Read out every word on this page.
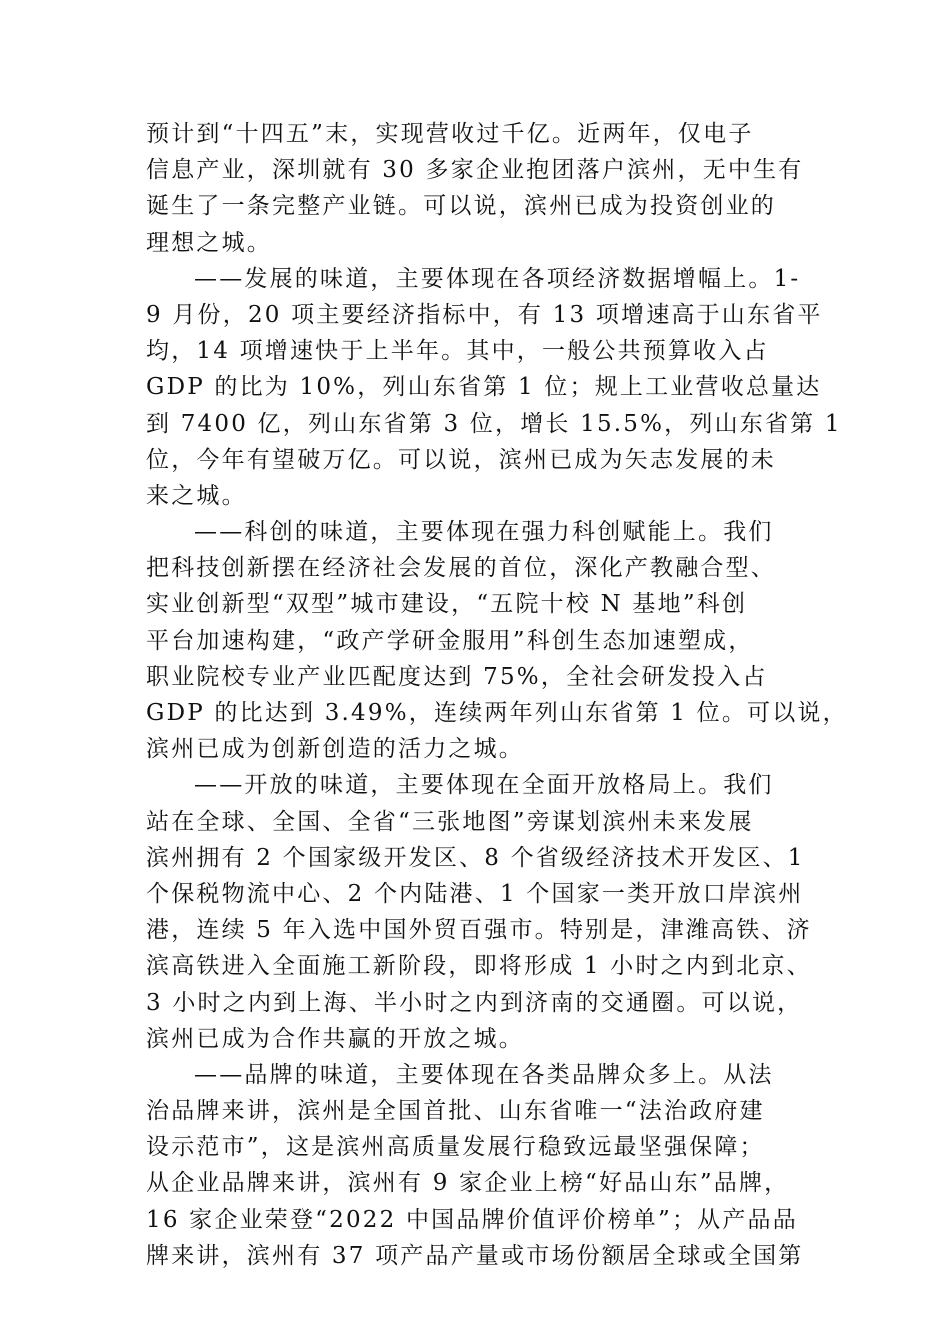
预计到“十四五”末，实现营收过千亿。近两年，仅电子
信息产业，深圳就有 30 多家企业抱团落户滨州，无中生有
诞生了一条完整产业链。可以说，滨州已成为投资创业的
理想之城。
——发展的味道，主要体现在各项经济数据增幅上。1-
9 月份，20 项主要经济指标中，有 13 项增速高于山东省平
均，14 项增速快于上半年。其中，一般公共预算收入占
GDP 的比为 10%，列山东省第 1 位；规上工业营收总量达
到 7400 亿，列山东省第 3 位，增长 15.5%，列山东省第 1
位，今年有望破万亿。可以说，滨州已成为矢志发展的未
来之城。
——科创的味道，主要体现在强力科创赋能上。我们
把科技创新摆在经济社会发展的首位，深化产教融合型、
实业创新型“双型”城市建设，“五院十校 N 基地”科创
平台加速构建，“政产学研金服用”科创生态加速塑成，
职业院校专业产业匹配度达到 75%，全社会研发投入占
GDP 的比达到 3.49%，连续两年列山东省第 1 位。可以说，
滨州已成为创新创造的活力之城。
——开放的味道，主要体现在全面开放格局上。我们
站在全球、全国、全省“三张地图”旁谋划滨州未来发展
滨州拥有 2 个国家级开发区、8 个省级经济技术开发区、1
个保税物流中心、2 个内陆港、1 个国家一类开放口岸滨州
港，连续 5 年入选中国外贸百强市。特别是，津潍高铁、济
滨高铁进入全面施工新阶段，即将形成 1 小时之内到北京、
3 小时之内到上海、半小时之内到济南的交通圈。可以说，
滨州已成为合作共赢的开放之城。
——品牌的味道，主要体现在各类品牌众多上。从法
治品牌来讲，滨州是全国首批、山东省唯一“法治政府建
设示范市”，这是滨州高质量发展行稳致远最坚强保障；
从企业品牌来讲，滨州有 9 家企业上榜“好品山东”品牌，
16 家企业荣登“2022 中国品牌价值评价榜单”；从产品品
牌来讲，滨州有 37 项产品产量或市场份额居全球或全国第
